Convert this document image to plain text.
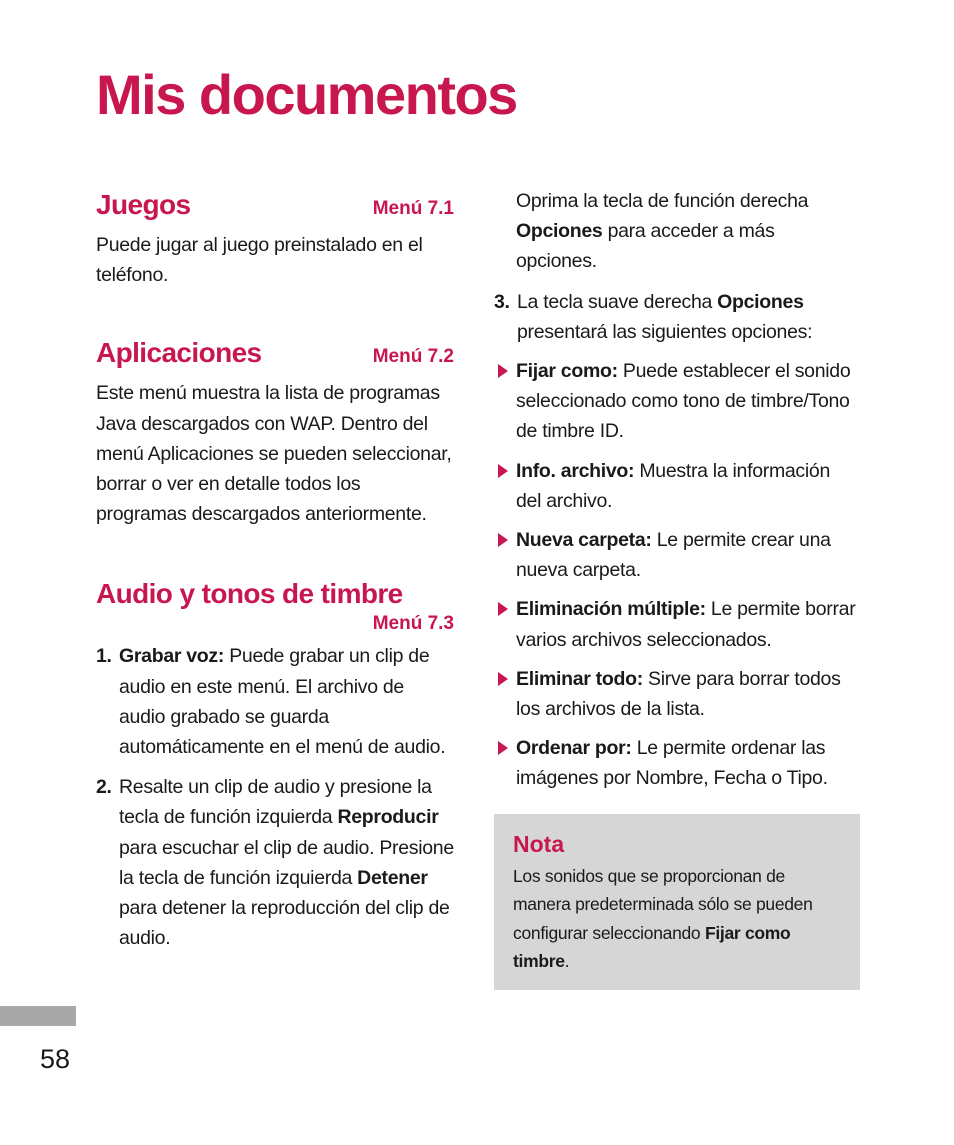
Mis documentos
Juegos	Menú 7.1

Puede jugar al juego preinstalado en el teléfono.

Aplicaciones	Menú 7.2

Este menú muestra la lista de programas Java descargados con WAP. Dentro del menú Aplicaciones se pueden seleccionar, borrar o ver en detalle todos los programas descargados anteriormente.

Audio y tonos de timbre
Menú 7.3
1. Grabar voz: Puede grabar un clip de audio en este menú. El archivo de audio grabado se guarda automáticamente en el menú de audio.
2. Resalte un clip de audio y presione la tecla de función izquierda Reproducir para escuchar el clip de audio. Presione la tecla de función izquierda Detener para detener la reproducción del clip de audio.

Oprima la tecla de función derecha Opciones para acceder a más opciones.

3. La tecla suave derecha Opciones presentará las siguientes opciones:
Fijar como: Puede establecer el sonido seleccionado como tono de timbre/Tono de timbre ID.
Info. archivo: Muestra la información del archivo.
Nueva carpeta: Le permite crear una nueva carpeta.
Eliminación múltiple: Le permite borrar varios archivos seleccionados.
Eliminar todo: Sirve para borrar todos los archivos de la lista.
Ordenar por: Le permite ordenar las imágenes por Nombre, Fecha o Tipo.
Nota
Los sonidos que se proporcionan de manera predeterminada sólo se pueden configurar seleccionando Fijar como timbre.
58
